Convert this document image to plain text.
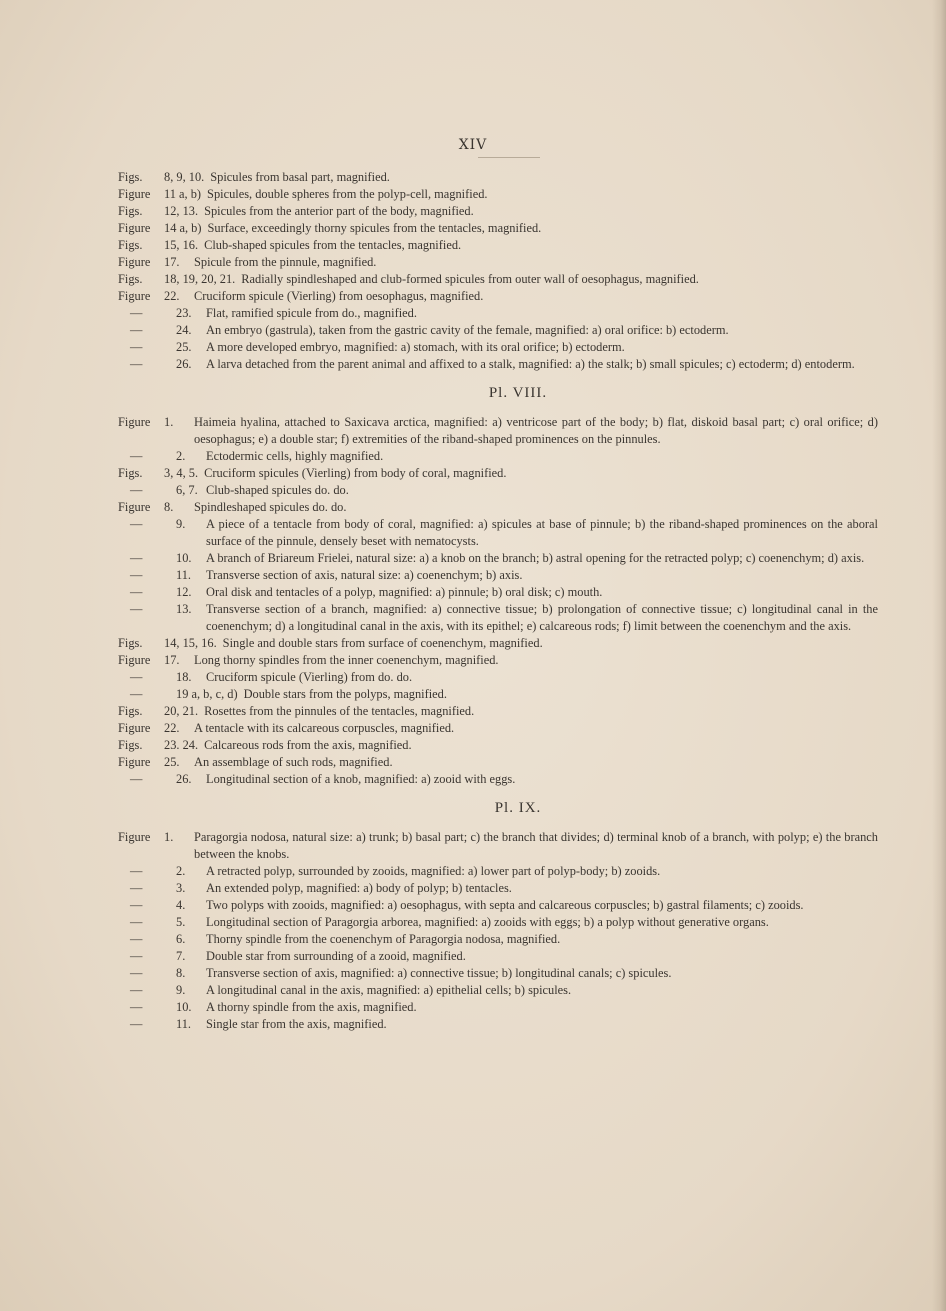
XIV
Figs.	8, 9, 10. Spicules from basal part, magnified.
Figure	11 a, b) Spicules, double spheres from the polyp-cell, magnified.
Figs.	12, 13. Spicules from the anterior part of the body, magnified.
Figure	14 a, b) Surface, exceedingly thorny spicules from the tentacles, magnified.
Figs.	15, 16. Club-shaped spicules from the tentacles, magnified.
Figure	17.	Spicule from the pinnule, magnified.
Figs.	18, 19, 20, 21. Radially spindleshaped and club-formed spicules from outer wall of oesophagus, magnified.
Figure	22.	Cruciform spicule (Vierling) from oesophagus, magnified.
—	23.	Flat, ramified spicule from do., magnified.
—	24.	An embryo (gastrula), taken from the gastric cavity of the female, magnified: a) oral orifice: b) ectoderm.
—	25.	A more developed embryo, magnified: a) stomach, with its oral orifice; b) ectoderm.
—	26.	A larva detached from the parent animal and affixed to a stalk, magnified: a) the stalk; b) small spicules; c) ectoderm; d) entoderm.
Pl. VIII.
Figure	1.	Haimeia hyalina, attached to Saxicava arctica, magnified: a) ventricose part of the body; b) flat, diskoid basal part; c) oral orifice; d) oesophagus; e) a double star; f) extremities of the riband-shaped prominences on the pinnules.
—	2.	Ectodermic cells, highly magnified.
Figs.	3, 4, 5. Cruciform spicules (Vierling) from body of coral, magnified.
—	6, 7. Club-shaped spicules do. do.
Figure	8.	Spindleshaped spicules do. do.
—	9.	A piece of a tentacle from body of coral, magnified: a) spicules at base of pinnule; b) the riband-shaped prominences on the aboral surface of the pinnule, densely beset with nematocysts.
—	10.	A branch of Briareum Frielei, natural size: a) a knob on the branch; b) astral opening for the retracted polyp; c) coenenchym; d) axis.
—	11.	Transverse section of axis, natural size: a) coenenchym; b) axis.
—	12.	Oral disk and tentacles of a polyp, magnified: a) pinnule; b) oral disk; c) mouth.
—	13.	Transverse section of a branch, magnified: a) connective tissue; b) prolongation of connective tissue; c) longitudinal canal in the coenenchym; d) a longitudinal canal in the axis, with its epithel; e) calcareous rods; f) limit between the coenenchym and the axis.
Figs.	14, 15, 16. Single and double stars from surface of coenenchym, magnified.
Figure	17.	Long thorny spindles from the inner coenenchym, magnified.
—	18.	Cruciform spicule (Vierling) from do. do.
—	19 a, b, c, d) Double stars from the polyps, magnified.
Figs.	20, 21. Rosettes from the pinnules of the tentacles, magnified.
Figure	22.	A tentacle with its calcareous corpuscles, magnified.
Figs.	23. 24. Calcareous rods from the axis, magnified.
Figure	25.	An assemblage of such rods, magnified.
—	26.	Longitudinal section of a knob, magnified: a) zooid with eggs.
Pl. IX.
Figure	1.	Paragorgia nodosa, natural size: a) trunk; b) basal part; c) the branch that divides; d) terminal knob of a branch, with polyp; e) the branch between the knobs.
—	2.	A retracted polyp, surrounded by zooids, magnified: a) lower part of polyp-body; b) zooids.
—	3.	An extended polyp, magnified: a) body of polyp; b) tentacles.
—	4.	Two polyps with zooids, magnified: a) oesophagus, with septa and calcareous corpuscles; b) gastral filaments; c) zooids.
—	5.	Longitudinal section of Paragorgia arborea, magnified: a) zooids with eggs; b) a polyp without generative organs.
—	6.	Thorny spindle from the coenenchym of Paragorgia nodosa, magnified.
—	7.	Double star from surrounding of a zooid, magnified.
—	8.	Transverse section of axis, magnified: a) connective tissue; b) longitudinal canals; c) spicules.
—	9.	A longitudinal canal in the axis, magnified: a) epithelial cells; b) spicules.
—	10.	A thorny spindle from the axis, magnified.
—	11.	Single star from the axis, magnified.
